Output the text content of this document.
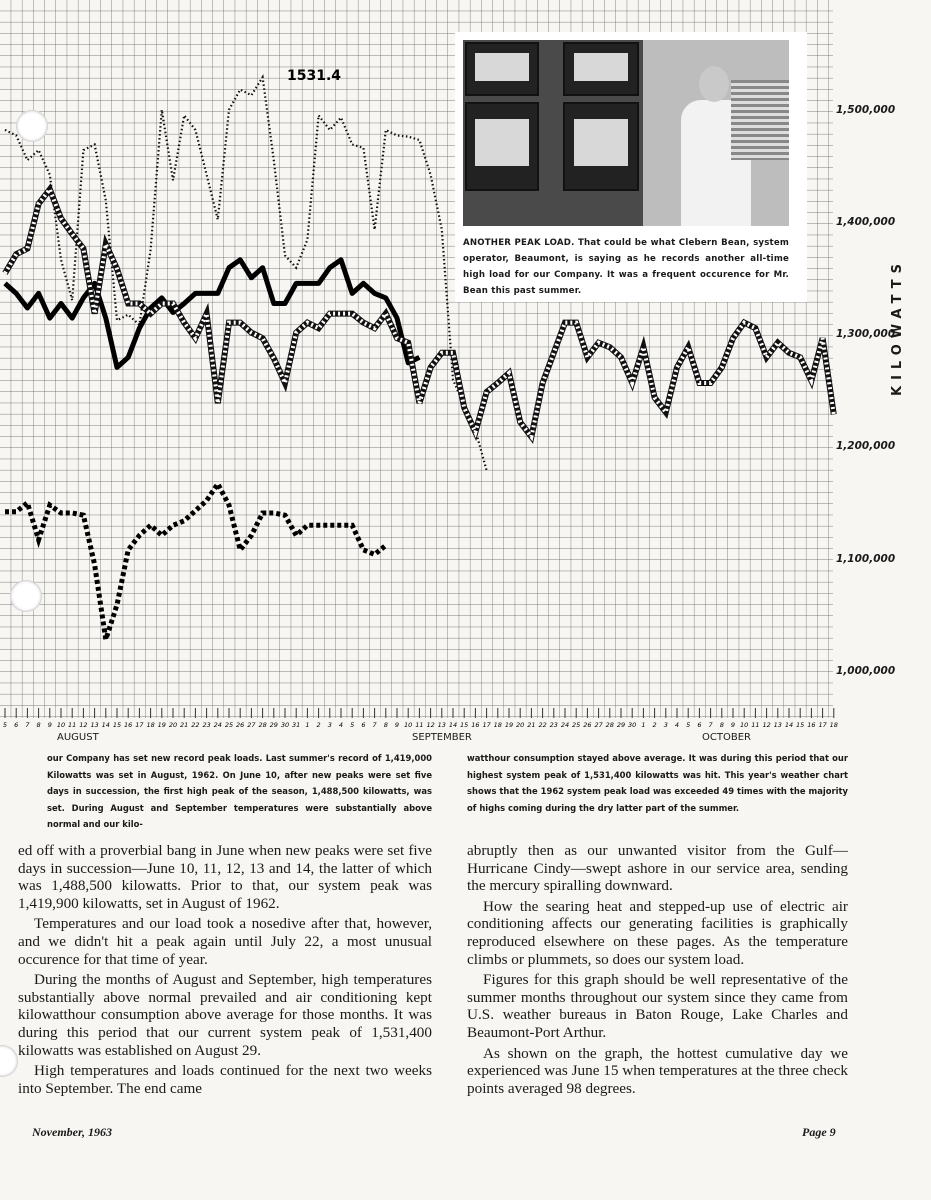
5 6 7 8 9 10 11 12 13 14 15 16 17 18 19 20 21 22 23 24 25 26 27 28 29 30 31 1 2 3 4 5 6 7 8 9 10 11 12 13 14 15 16 17 18 19 20 21 22 23 24 25 26 27 28 29 30 1 2 3 4 5 6 7 8 9 10 11 12 13 14 15 16 17 18
1531.4
ANOTHER PEAK LOAD. That could be what Clebern Bean, system operator, Beaumont, is saying as he records another all-time high load for our Company. It was a frequent occurence for Mr. Bean this past summer.
1,500,000
1,400,000
1,300,000
1,200,000
1,100,000
1,000,000
KILOWATTS
AUGUST	SEPTEMBER	OCTOBER
our Company has set new record peak loads. Last summer's record of 1,419,000 Kilowatts was set in August, 1962. On June 10, after new peaks were set five days in succession, the first high peak of the season, 1,488,500 kilowatts, was set. During August and September temperatures were substantially above normal and our kilo-
watthour consumption stayed above average. It was during this period that our highest system peak of 1,531,400 kilowatts was hit. This year's weather chart shows that the 1962 system peak load was exceeded 49 times with the majority of highs coming during the dry latter part of the summer.

ed off with a proverbial bang in June when new peaks were set five days in succession—June 10, 11, 12, 13 and 14, the latter of which was 1,488,500 kilowatts. Prior to that, our system peak was 1,419,900 kilowatts, set in August of 1962.

Temperatures and our load took a nosedive after that, however, and we didn't hit a peak again until July 22, a most unusual occurence for that time of year.

During the months of August and September, high temperatures substantially above normal prevailed and air conditioning kept kilowatthour consumption above average for those months. It was during this period that our current system peak of 1,531,400 kilowatts was established on August 29.

High temperatures and loads continued for the next two weeks into September. The end came

abruptly then as our unwanted visitor from the Gulf—Hurricane Cindy—swept ashore in our service area, sending the mercury spiralling downward.

How the searing heat and stepped-up use of electric air conditioning affects our generating facilities is graphically reproduced elsewhere on these pages. As the temperature climbs or plummets, so does our system load.

Figures for this graph should be well representative of the summer months throughout our system since they came from U.S. weather bureaus in Baton Rouge, Lake Charles and Beaumont-Port Arthur.

As shown on the graph, the hottest cumulative day we experienced was June 15 when temperatures at the three check points averaged 98 degrees.

November, 1963	Page 9
